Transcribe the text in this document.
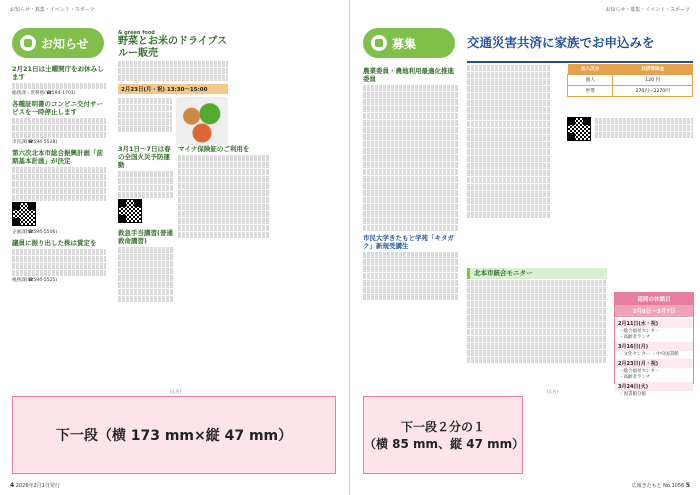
お知らせ・募集・イベント・スポーツ
お知らせ
2月21日は土曜開庁をお休みします
総務課・庶務係(☎594-1701)
各種証明書のコンビニ交付サービスを一時停止します
市民課(☎594-5528)
第六次北本市総合振興計画「前期基本計画」が決定
企画課(☎594-5506)
議員に振り出した株は賃定を
税務課(☎594-5525)
& green food
野菜とお米のドライブスルー販売
2月23日(月・祝) 13:30〜15:00
3月1日〜7日は春の全国火災予防運動
救急手当講習(普通救命講習)
マイナ保険証のご利用を
(広告)
下一段（横 173 mm×縦 47 mm）
4 2026年2月1日発行
お知らせ・募集・イベント・スポーツ
募集	交通災害共済に家族でお申込みを
農業委員・農地利用最適化推進委員
市民大学きたもと学苑「キタガク」新規受講生
加入区分	共済等掛金
個人	120 円
世帯	270円〜2270円
北本市統合モニター
延岡の休館日
2月8日〜3月7日
2月11日(水・祝)
・総合福祉センター
・高齢者ランチ
3月16日(月)
・文化センター ・中央図書館
2月23日(月・祝)
・総合福祉センター
・高齢者ランチ
3月24日(火)
・図書館分館
(広告)
下一段２分の１
（横 85 mm、縦 47 mm）
広報きたもと No.1056 5
